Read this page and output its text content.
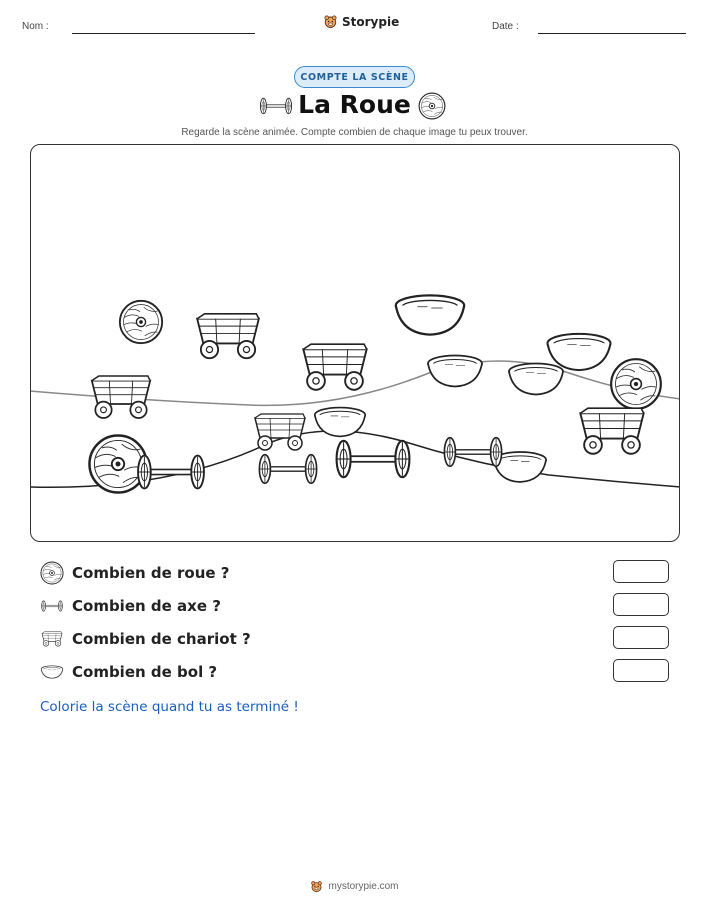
Nom :	Storypie	Date :
COMPTE LA SCÈNE
La Roue
Regarde la scène animée. Compte combien de chaque image tu peux trouver.
Combien de roue ?
Combien de axe ?
Combien de chariot ?
Combien de bol ?
Colorie la scène quand tu as terminé !
mystorypie.com
